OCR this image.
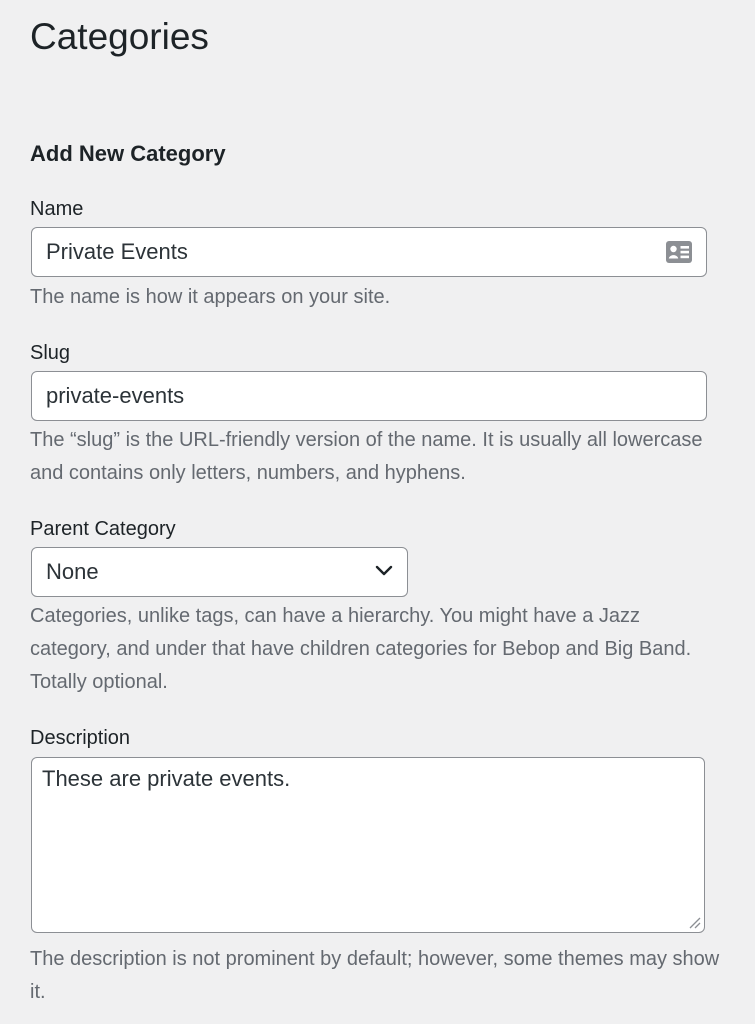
Categories
Add New Category
Name
Private Events
The name is how it appears on your site.
Slug
private-events
The “slug” is the URL-friendly version of the name. It is usually all lowercase and contains only letters, numbers, and hyphens.
Parent Category
None
Categories, unlike tags, can have a hierarchy. You might have a Jazz category, and under that have children categories for Bebop and Big Band. Totally optional.
Description
These are private events.
The description is not prominent by default; however, some themes may show it.
